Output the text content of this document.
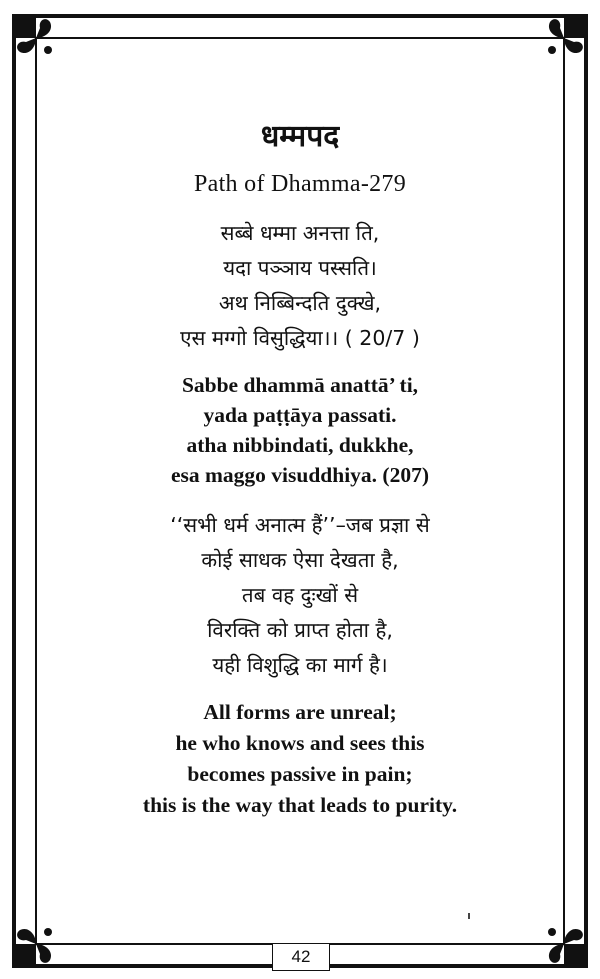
धम्मपद
Path of Dhamma-279

सब्बे धम्मा अनत्ता ति,

यदा पञ्ञाय पस्सति।

अथ निब्बिन्दति दुक्खे,

एस मग्गो विसुद्धिया।। ( 20/7 )

Sabbe dhammā anattā’ ti,

yada paṭṭāya passati.

atha nibbindati, dukkhe,

esa maggo visuddhiya. (207)

‘‘सभी धर्म अनात्म हैं’’–जब प्रज्ञा से

कोई साधक ऐसा देखता है,

तब वह दुःखों से

विरक्ति को प्राप्त होता है,

यही विशुद्धि का मार्ग है।

All forms are unreal;

he who knows and sees this

becomes passive in pain;

this is the way that leads to purity.

42
